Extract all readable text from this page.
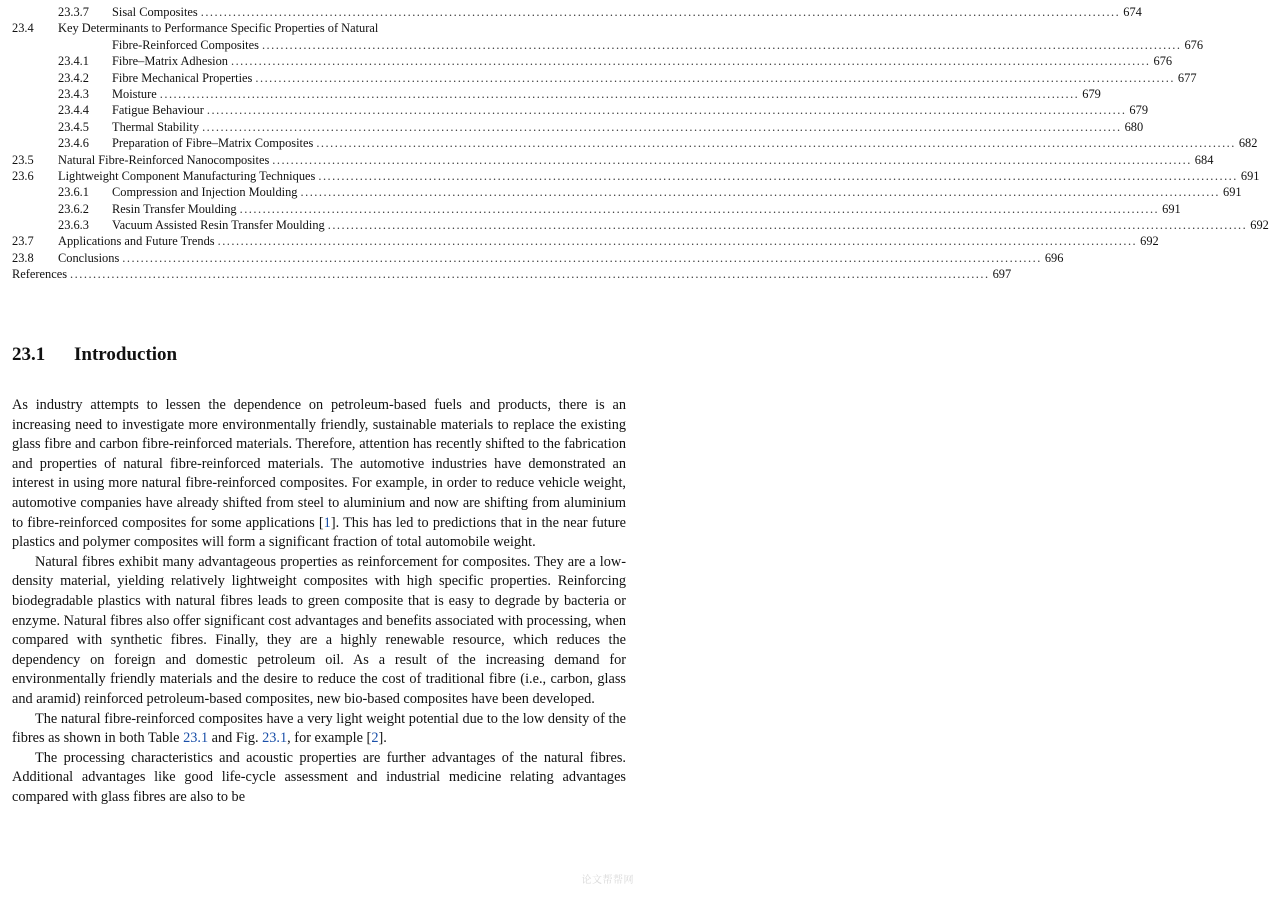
23.3.7 Sisal Composites ........................................................................................................................................................................................................ 674
23.4 Key Determinants to Performance Specific Properties of Natural
Fibre-Reinforced Composites ........................................................................................................................................................................................................ 676
23.4.1 Fibre–Matrix Adhesion ........................................................................................................................................................................................................ 676
23.4.2 Fibre Mechanical Properties ........................................................................................................................................................................................................ 677
23.4.3 Moisture ........................................................................................................................................................................................................ 679
23.4.4 Fatigue Behaviour ........................................................................................................................................................................................................ 679
23.4.5 Thermal Stability ........................................................................................................................................................................................................ 680
23.4.6 Preparation of Fibre–Matrix Composites ........................................................................................................................................................................................................ 682
23.5 Natural Fibre-Reinforced Nanocomposites ........................................................................................................................................................................................................ 684
23.6 Lightweight Component Manufacturing Techniques ........................................................................................................................................................................................................ 691
23.6.1 Compression and Injection Moulding ........................................................................................................................................................................................................ 691
23.6.2 Resin Transfer Moulding ........................................................................................................................................................................................................ 691
23.6.3 Vacuum Assisted Resin Transfer Moulding ........................................................................................................................................................................................................ 692
23.7 Applications and Future Trends ........................................................................................................................................................................................................ 692
23.8 Conclusions ........................................................................................................................................................................................................ 696
References ........................................................................................................................................................................................................ 697
23.1 Introduction

As industry attempts to lessen the dependence on petroleum-based fuels and products, there is an increasing need to investigate more environmentally friendly, sustainable materials to replace the existing glass fibre and carbon fibre-reinforced materials. Therefore, attention has recently shifted to the fabrication and properties of natural fibre-reinforced materials. The automotive industries have demonstrated an interest in using more natural fibre-reinforced composites. For example, in order to reduce vehicle weight, automotive companies have already shifted from steel to aluminium and now are shifting from aluminium to fibre-reinforced composites for some applications [1]. This has led to predictions that in the near future plastics and polymer composites will form a significant fraction of total automobile weight.

Natural fibres exhibit many advantageous properties as reinforcement for composites. They are a low-density material, yielding relatively lightweight composites with high specific properties. Reinforcing biodegradable plastics with natural fibres leads to green composite that is easy to degrade by bacteria or enzyme. Natural fibres also offer significant cost advantages and benefits associated with processing, when compared with synthetic fibres. Finally, they are a highly renewable resource, which reduces the dependency on foreign and domestic petroleum oil. As a result of the increasing demand for environmentally friendly materials and the desire to reduce the cost of traditional fibre (i.e., carbon, glass and aramid) reinforced petroleum-based composites, new bio-based composites have been developed.

The natural fibre-reinforced composites have a very light weight potential due to the low density of the fibres as shown in both Table 23.1 and Fig. 23.1, for example [2].

The processing characteristics and acoustic properties are further advantages of the natural fibres. Additional advantages like good life-cycle assessment and industrial medicine relating advantages compared with glass fibres are also to be

论文帮帮网
